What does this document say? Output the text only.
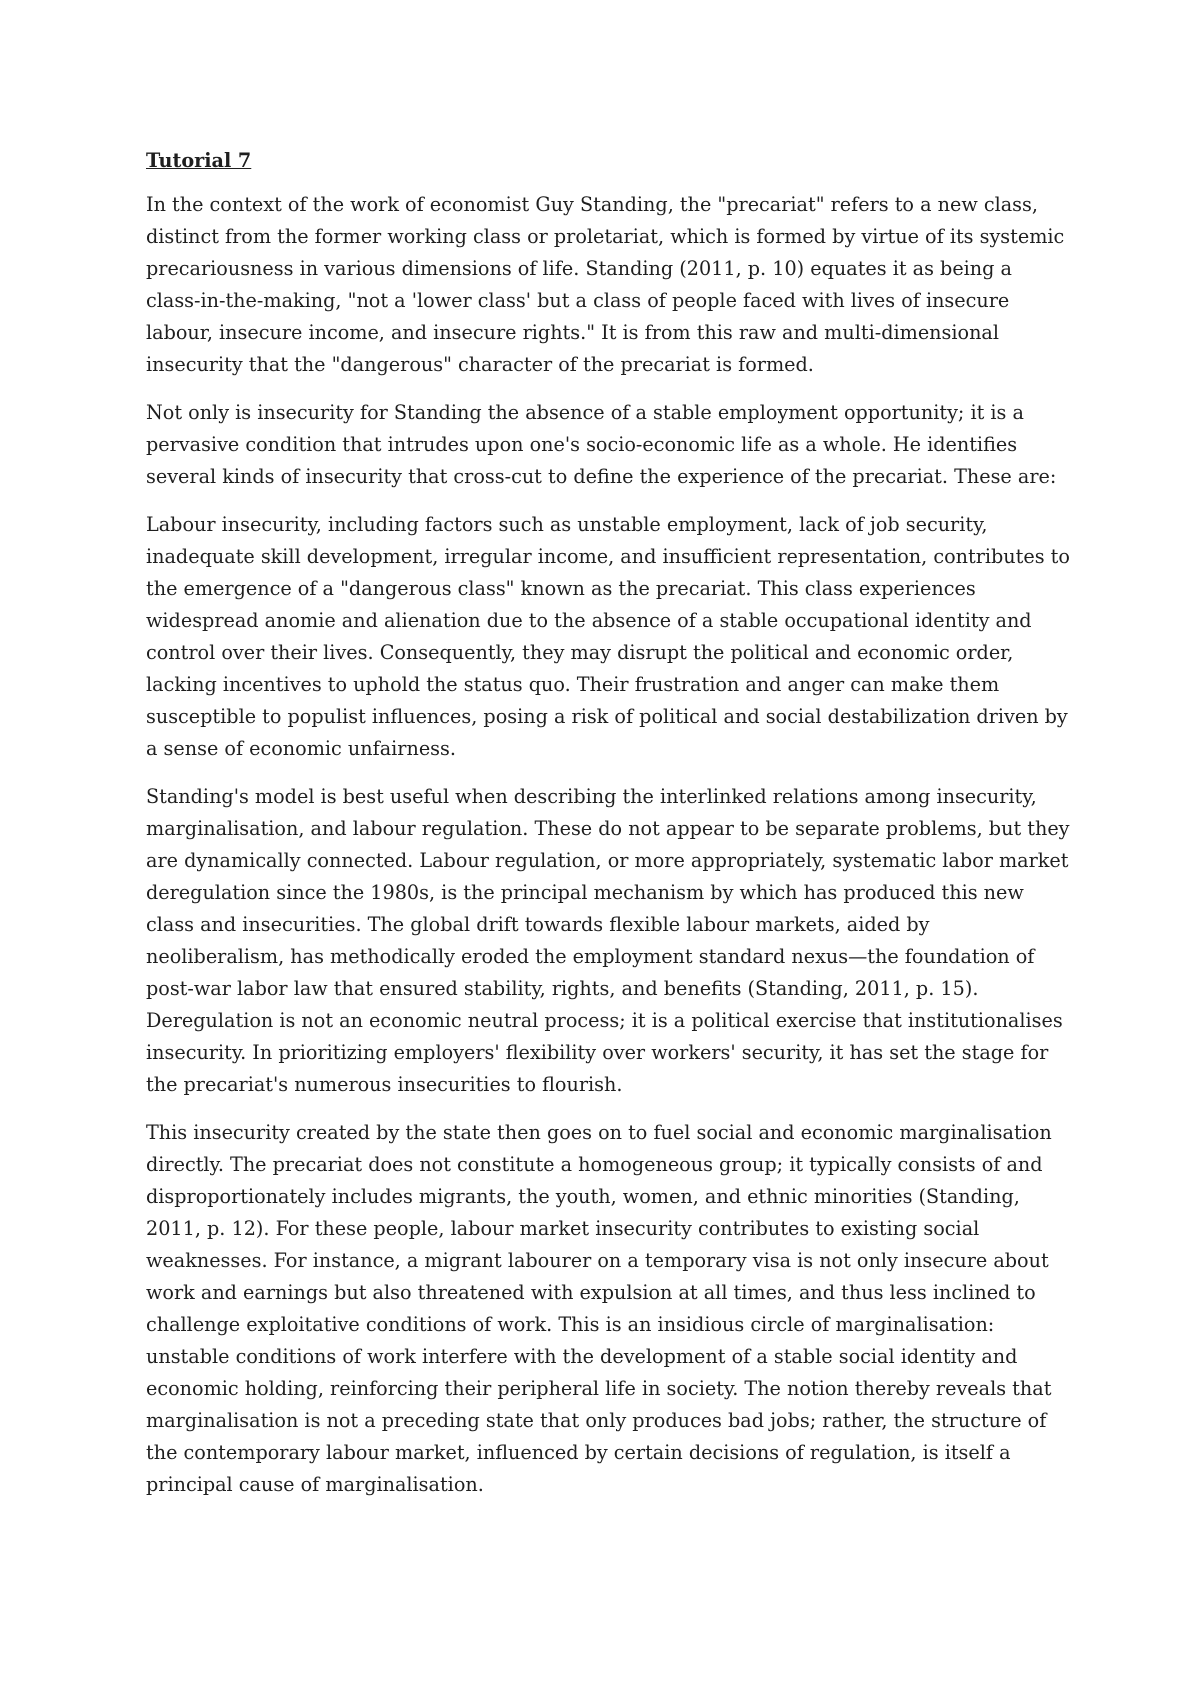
Tutorial 7

In the context of the work of economist Guy Standing, the "precariat" refers to a new class, distinct from the former working class or proletariat, which is formed by virtue of its systemic precariousness in various dimensions of life. Standing (2011, p. 10) equates it as being a class-in-the-making, "not a 'lower class' but a class of people faced with lives of insecure labour, insecure income, and insecure rights." It is from this raw and multi-dimensional insecurity that the "dangerous" character of the precariat is formed.

Not only is insecurity for Standing the absence of a stable employment opportunity; it is a pervasive condition that intrudes upon one's socio-economic life as a whole. He identifies several kinds of insecurity that cross-cut to define the experience of the precariat. These are:

Labour insecurity, including factors such as unstable employment, lack of job security, inadequate skill development, irregular income, and insufficient representation, contributes to the emergence of a "dangerous class" known as the precariat. This class experiences widespread anomie and alienation due to the absence of a stable occupational identity and control over their lives. Consequently, they may disrupt the political and economic order, lacking incentives to uphold the status quo. Their frustration and anger can make them susceptible to populist influences, posing a risk of political and social destabilization driven by a sense of economic unfairness.

Standing's model is best useful when describing the interlinked relations among insecurity, marginalisation, and labour regulation. These do not appear to be separate problems, but they are dynamically connected. Labour regulation, or more appropriately, systematic labor market deregulation since the 1980s, is the principal mechanism by which has produced this new class and insecurities. The global drift towards flexible labour markets, aided by neoliberalism, has methodically eroded the employment standard nexus—the foundation of post-war labor law that ensured stability, rights, and benefits (Standing, 2011, p. 15). Deregulation is not an economic neutral process; it is a political exercise that institutionalises insecurity. In prioritizing employers' flexibility over workers' security, it has set the stage for the precariat's numerous insecurities to flourish.

This insecurity created by the state then goes on to fuel social and economic marginalisation directly. The precariat does not constitute a homogeneous group; it typically consists of and disproportionately includes migrants, the youth, women, and ethnic minorities (Standing, 2011, p. 12). For these people, labour market insecurity contributes to existing social weaknesses. For instance, a migrant labourer on a temporary visa is not only insecure about work and earnings but also threatened with expulsion at all times, and thus less inclined to challenge exploitative conditions of work. This is an insidious circle of marginalisation: unstable conditions of work interfere with the development of a stable social identity and economic holding, reinforcing their peripheral life in society. The notion thereby reveals that marginalisation is not a preceding state that only produces bad jobs; rather, the structure of the contemporary labour market, influenced by certain decisions of regulation, is itself a principal cause of marginalisation.
